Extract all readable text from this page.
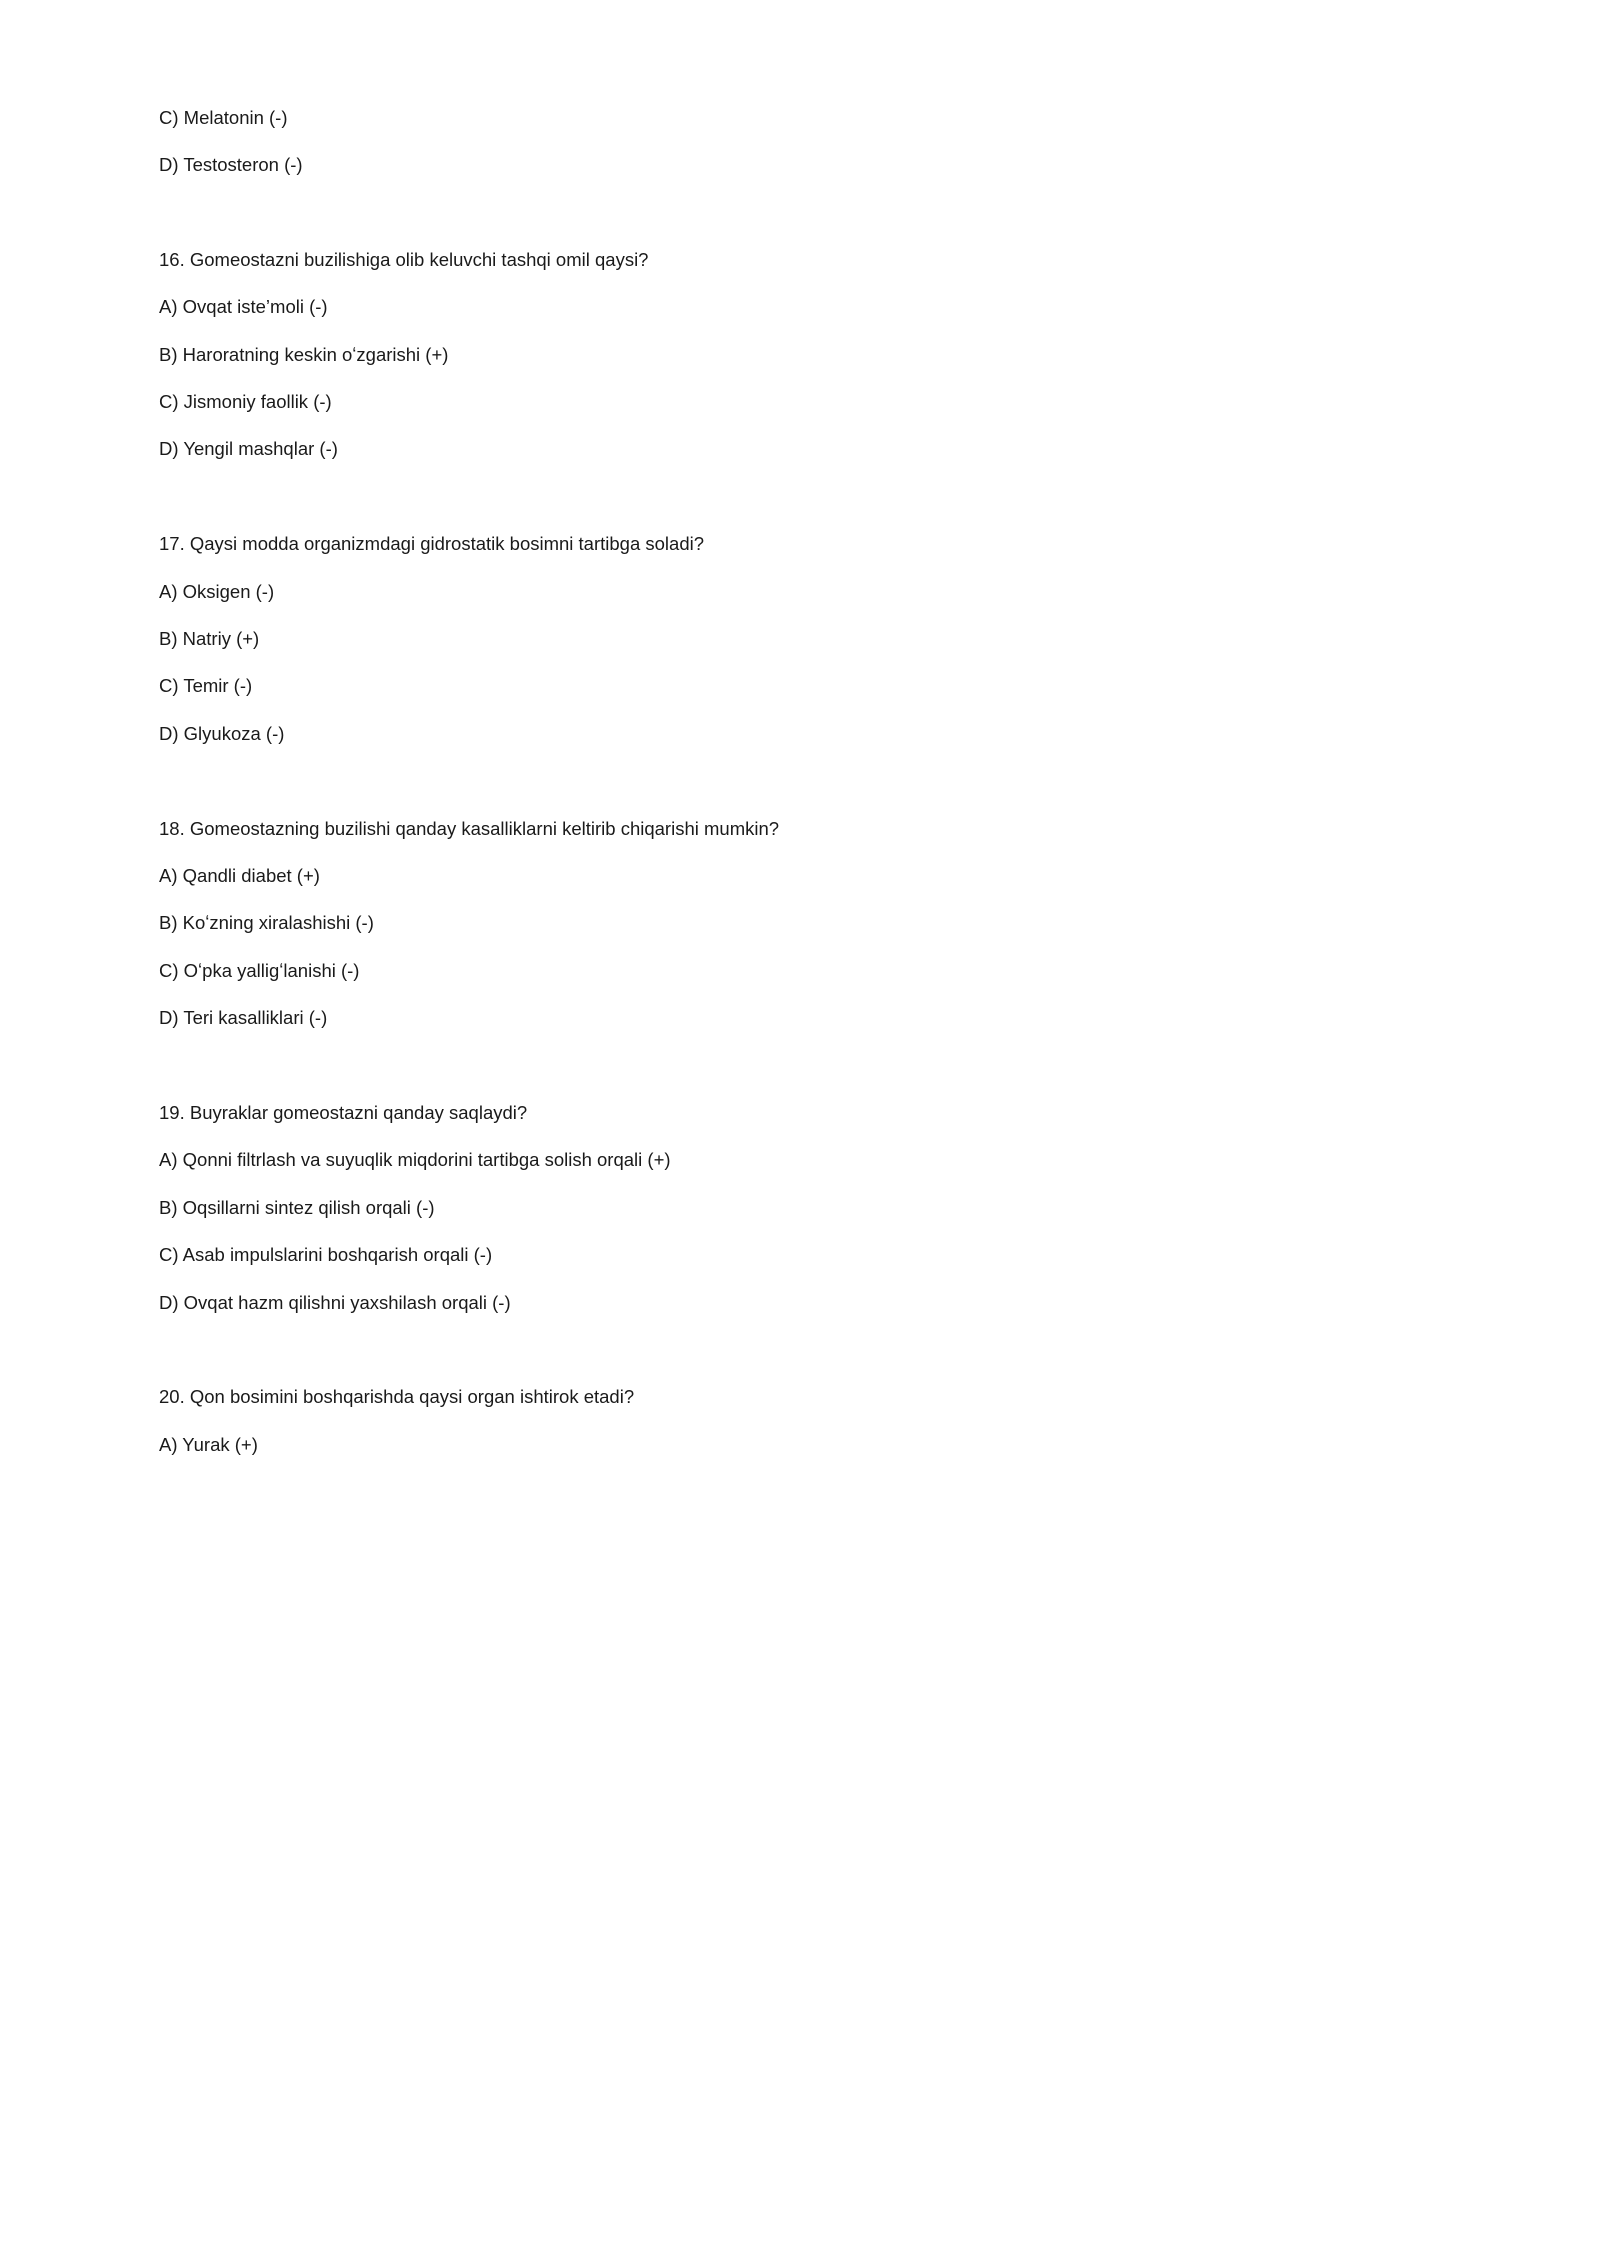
C) Melatonin (-)
D) Testosteron (-)
16. Gomeostazni buzilishiga olib keluvchi tashqi omil qaysi?
A) Ovqat iste’moli (-)
B) Haroratning keskin oʻzgarishi (+)
C) Jismoniy faollik (-)
D) Yengil mashqlar (-)
17. Qaysi modda organizmdagi gidrostatik bosimni tartibga soladi?
A) Oksigen (-)
B) Natriy (+)
C) Temir (-)
D) Glyukoza (-)
18. Gomeostazning buzilishi qanday kasalliklarni keltirib chiqarishi mumkin?
A) Qandli diabet (+)
B) Koʻzning xiralashishi (-)
C) Oʻpka yalligʻlanishi (-)
D) Teri kasalliklari (-)
19. Buyraklar gomeostazni qanday saqlaydi?
A) Qonni filtrlash va suyuqlik miqdorini tartibga solish orqali (+)
B) Oqsillarni sintez qilish orqali (-)
C) Asab impulslarini boshqarish orqali (-)
D) Ovqat hazm qilishni yaxshilash orqali (-)
20. Qon bosimini boshqarishda qaysi organ ishtirok etadi?
A) Yurak (+)
